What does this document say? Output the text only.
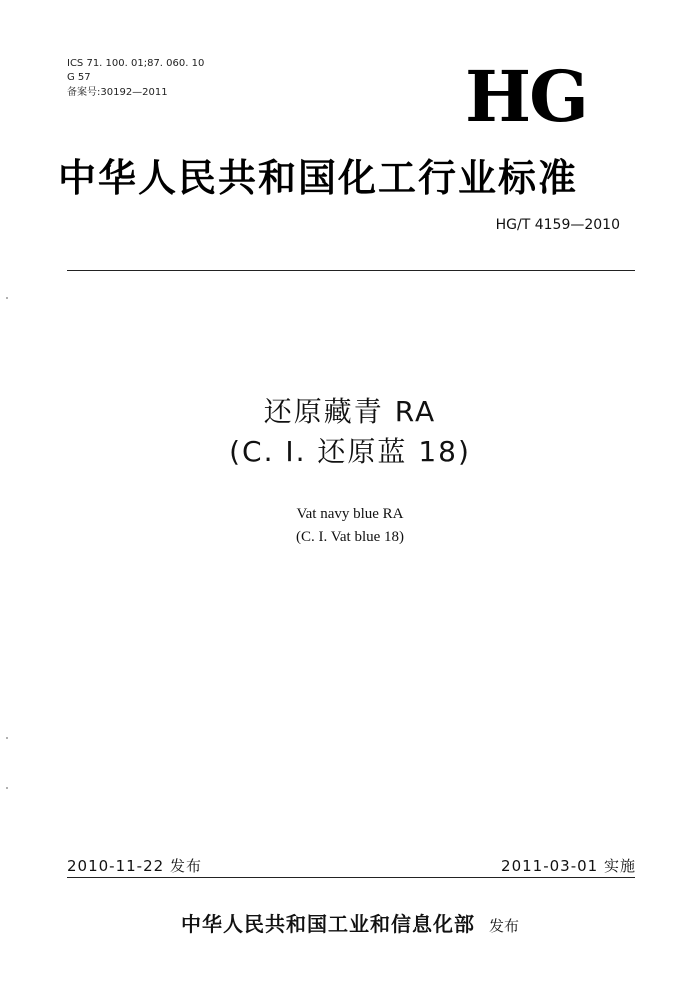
ICS 71. 100. 01;87. 060. 10
G 57
备案号:30192—2011	HG
中华人民共和国化工行业标准
HG/T 4159—2010
还原藏青 RA
(C. I. 还原蓝 18)
Vat navy blue RA
(C. I. Vat blue 18)
2010-11-22 发布	2011-03-01 实施
中华人民共和国工业和信息化部 发布
